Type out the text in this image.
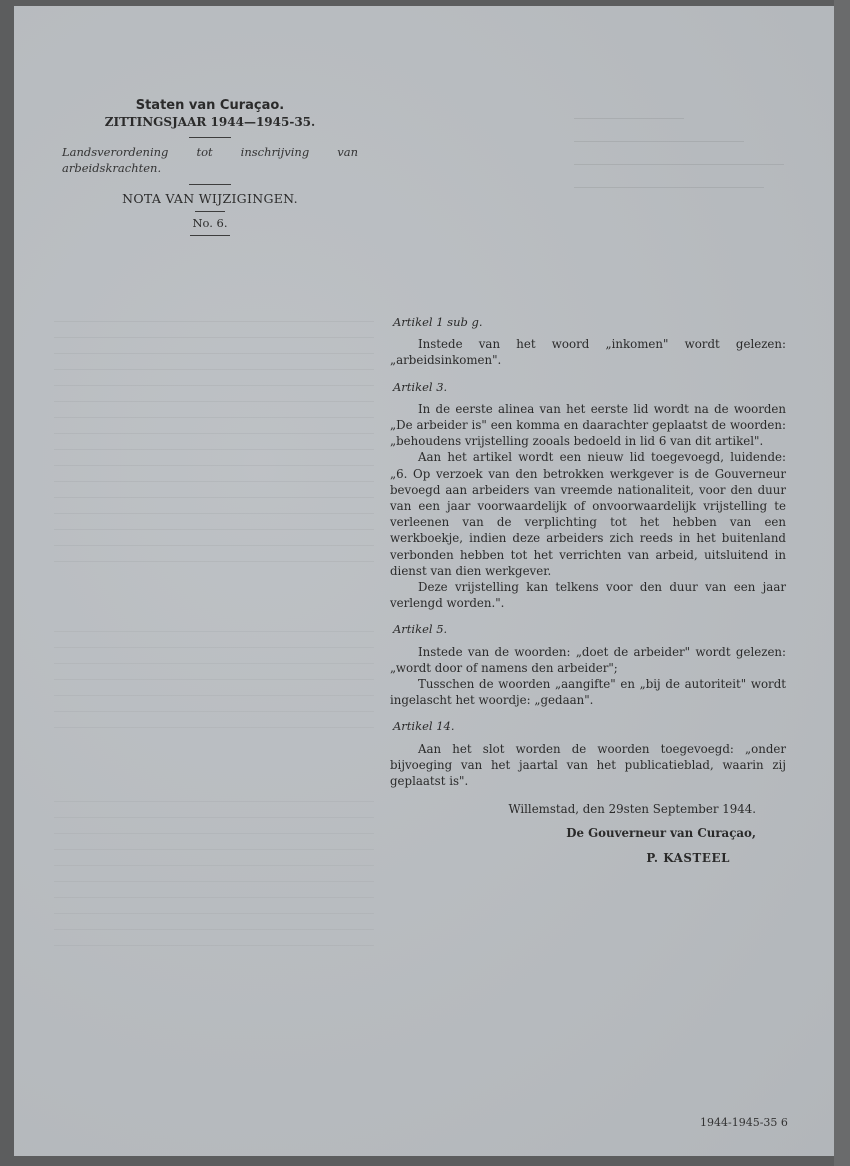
Staten van Curaçao.
ZITTINGSJAAR 1944—1945-35.
Landsverordening tot inschrijving van arbeidskrachten.
NOTA VAN WIJZIGINGEN.
No. 6.
Artikel 1 sub g.

Instede van het woord „inkomen" wordt gelezen: „arbeidsinkomen".

Artikel 3.

In de eerste alinea van het eerste lid wordt na de woorden „De arbeider is" een komma en daarachter geplaatst de woorden: „behoudens vrijstelling zooals bedoeld in lid 6 van dit artikel".

Aan het artikel wordt een nieuw lid toegevoegd, luidende: „6. Op verzoek van den betrokken werkgever is de Gouverneur bevoegd aan arbeiders van vreemde nationaliteit, voor den duur van een jaar voorwaardelijk of onvoorwaardelijk vrijstelling te verleenen van de verplichting tot het hebben van een werkboekje, indien deze arbeiders zich reeds in het buitenland verbonden hebben tot het verrichten van arbeid, uitsluitend in dienst van dien werkgever.

Deze vrijstelling kan telkens voor den duur van een jaar verlengd worden.".

Artikel 5.

Instede van de woorden: „doet de arbeider" wordt gelezen: „wordt door of namens den arbeider";

Tusschen de woorden „aangifte" en „bij de autoriteit" wordt ingelascht het woordje: „gedaan".

Artikel 14.

Aan het slot worden de woorden toegevoegd: „onder bijvoeging van het jaartal van het publicatieblad, waarin zij geplaatst is".

Willemstad, den 29sten September 1944.
De Gouverneur van Curaçao,
P. KASTEEL
1944-1945-35 6
